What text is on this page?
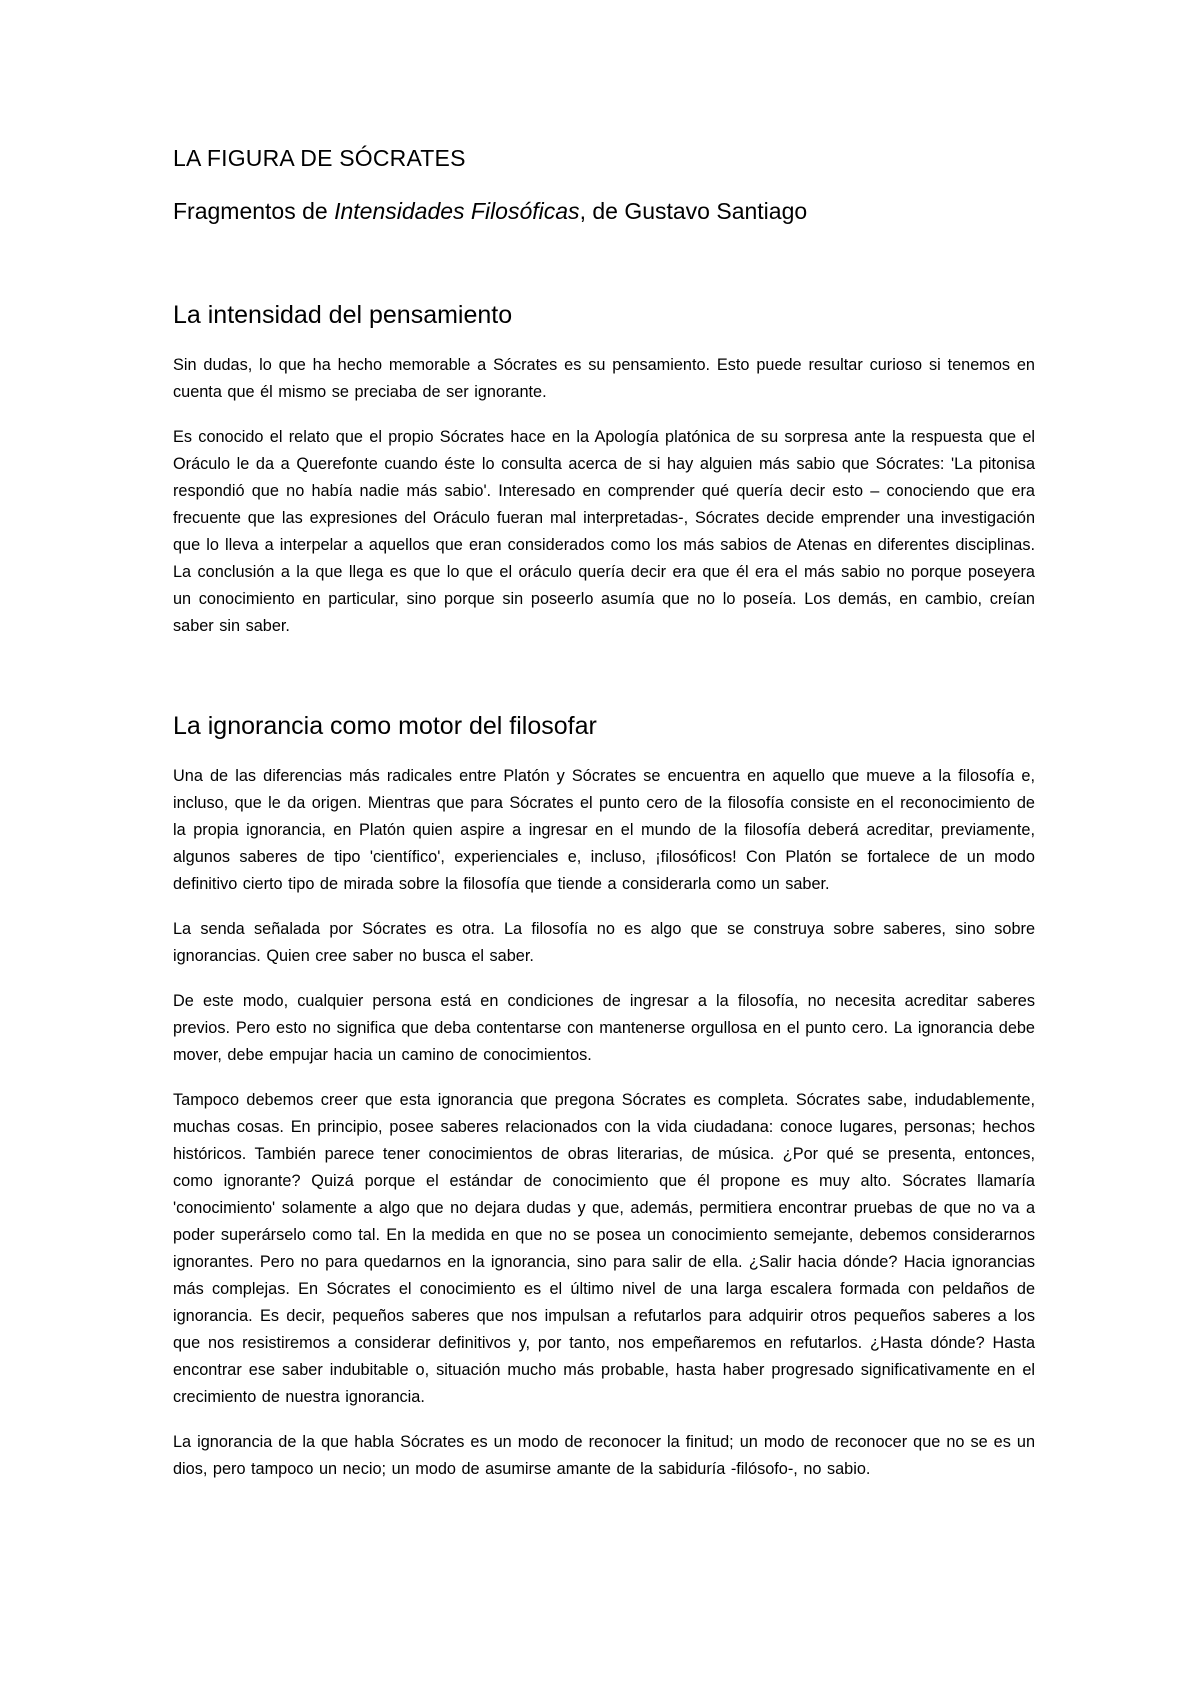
LA FIGURA DE SÓCRATES
Fragmentos de Intensidades Filosóficas, de Gustavo Santiago
La intensidad del pensamiento

Sin dudas, lo que ha hecho memorable a Sócrates es su pensamiento. Esto puede resultar curioso si tenemos en cuenta que él mismo se preciaba de ser ignorante.

Es conocido el relato que el propio Sócrates hace en la Apología platónica de su sorpresa ante la respuesta que el Oráculo le da a Querefonte cuando éste lo consulta acerca de si hay alguien más sabio que Sócrates: 'La pitonisa respondió que no había nadie más sabio'. Interesado en comprender qué quería decir esto – conociendo que era frecuente que las expresiones del Oráculo fueran mal interpretadas-, Sócrates decide emprender una investigación que lo lleva a interpelar a aquellos que eran considerados como los más sabios de Atenas en diferentes disciplinas. La conclusión a la que llega es que lo que el oráculo quería decir era que él era el más sabio no porque poseyera un conocimiento en particular, sino porque sin poseerlo asumía que no lo poseía. Los demás, en cambio, creían saber sin saber.

La ignorancia como motor del filosofar

Una de las diferencias más radicales entre Platón y Sócrates se encuentra en aquello que mueve a la filosofía e, incluso, que le da origen. Mientras que para Sócrates el punto cero de la filosofía consiste en el reconocimiento de la propia ignorancia, en Platón quien aspire a ingresar en el mundo de la filosofía deberá acreditar, previamente, algunos saberes de tipo 'científico', experienciales e, incluso, ¡filosóficos! Con Platón se fortalece de un modo definitivo cierto tipo de mirada sobre la filosofía que tiende a considerarla como un saber.

La senda señalada por Sócrates es otra. La filosofía no es algo que se construya sobre saberes, sino sobre ignorancias. Quien cree saber no busca el saber.

De este modo, cualquier persona está en condiciones de ingresar a la filosofía, no necesita acreditar saberes previos. Pero esto no significa que deba contentarse con mantenerse orgullosa en el punto cero. La ignorancia debe mover, debe empujar hacia un camino de conocimientos.

Tampoco debemos creer que esta ignorancia que pregona Sócrates es completa. Sócrates sabe, indudablemente, muchas cosas. En principio, posee saberes relacionados con la vida ciudadana: conoce lugares, personas; hechos históricos. También parece tener conocimientos de obras literarias, de música. ¿Por qué se presenta, entonces, como ignorante? Quizá porque el estándar de conocimiento que él propone es muy alto. Sócrates llamaría 'conocimiento' solamente a algo que no dejara dudas y que, además, permitiera encontrar pruebas de que no va a poder superárselo como tal. En la medida en que no se posea un conocimiento semejante, debemos considerarnos ignorantes. Pero no para quedarnos en la ignorancia, sino para salir de ella. ¿Salir hacia dónde? Hacia ignorancias más complejas. En Sócrates el conocimiento es el último nivel de una larga escalera formada con peldaños de ignorancia. Es decir, pequeños saberes que nos impulsan a refutarlos para adquirir otros pequeños saberes a los que nos resistiremos a considerar definitivos y, por tanto, nos empeñaremos en refutarlos. ¿Hasta dónde? Hasta encontrar ese saber indubitable o, situación mucho más probable, hasta haber progresado significativamente en el crecimiento de nuestra ignorancia.

La ignorancia de la que habla Sócrates es un modo de reconocer la finitud; un modo de reconocer que no se es un dios, pero tampoco un necio; un modo de asumirse amante de la sabiduría -filósofo-, no sabio.
